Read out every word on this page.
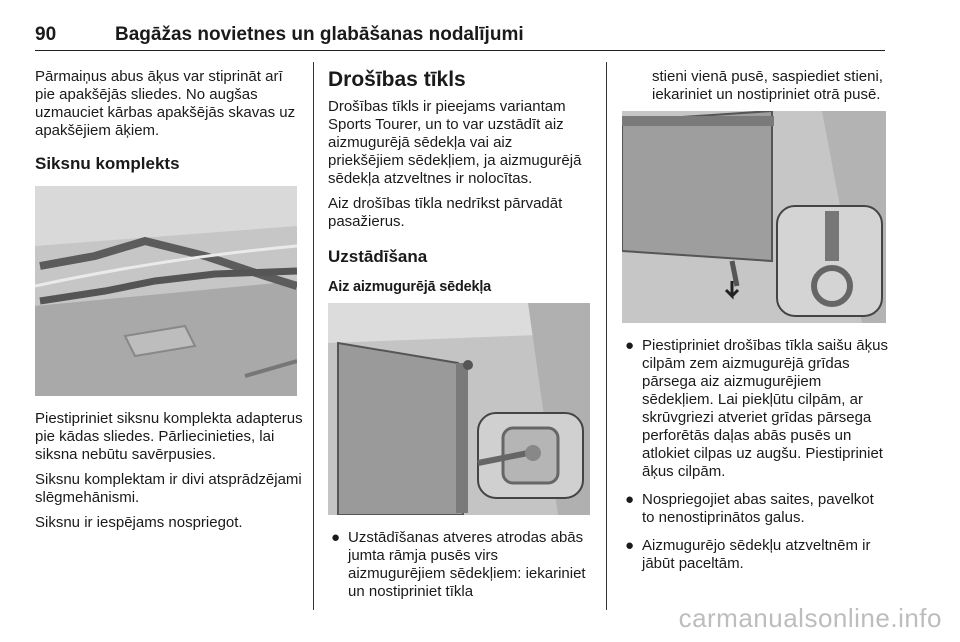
90	Bagāžas novietnes un glabāšanas nodalījumi

Pārmaiņus abus āķus var stiprināt arī pie apakšējās sliedes. No augšas uzmauciet kārbas apakšējās skavas uz apakšējiem āķiem.

Siksnu komplekts

Piestipriniet siksnu komplekta adapterus pie kādas sliedes. Pārliecinieties, lai siksna nebūtu savērpusies.

Siksnu komplektam ir divi atsprādzējami slēgmehānismi.

Siksnu ir iespējams nospriegot.

Drošības tīkls

Drošības tīkls ir pieejams variantam Sports Tourer, un to var uzstādīt aiz aizmugurējā sēdekļa vai aiz priekšējiem sēdekļiem, ja aizmugurējā sēdekļa atzveltnes ir nolocītas.

Aiz drošības tīkla nedrīkst pārvadāt pasažierus.

Uzstādīšana
Aiz aizmugurējā sēdekļa
● Uzstādīšanas atveres atrodas abās jumta rāmja pusēs virs aizmugurējiem sēdekļiem: iekariniet un nostipriniet tīkla

stieni vienā pusē, saspiediet stieni, iekariniet un nostipriniet otrā pusē.

● Piestipriniet drošības tīkla saišu āķus cilpām zem aizmugurējā grīdas pārsega aiz aizmugurējiem sēdekļiem. Lai piekļūtu cilpām, ar skrūvgriezi atveriet grīdas pārsega perforētās daļas abās pusēs un atlokiet cilpas uz augšu. Piestipriniet āķus cilpām.
● Nospriegojiet abas saites, pavelkot to nenostiprinātos galus.
● Aizmugurējo sēdekļu atzveltnēm ir jābūt paceltām.
carmanualsonline.info
